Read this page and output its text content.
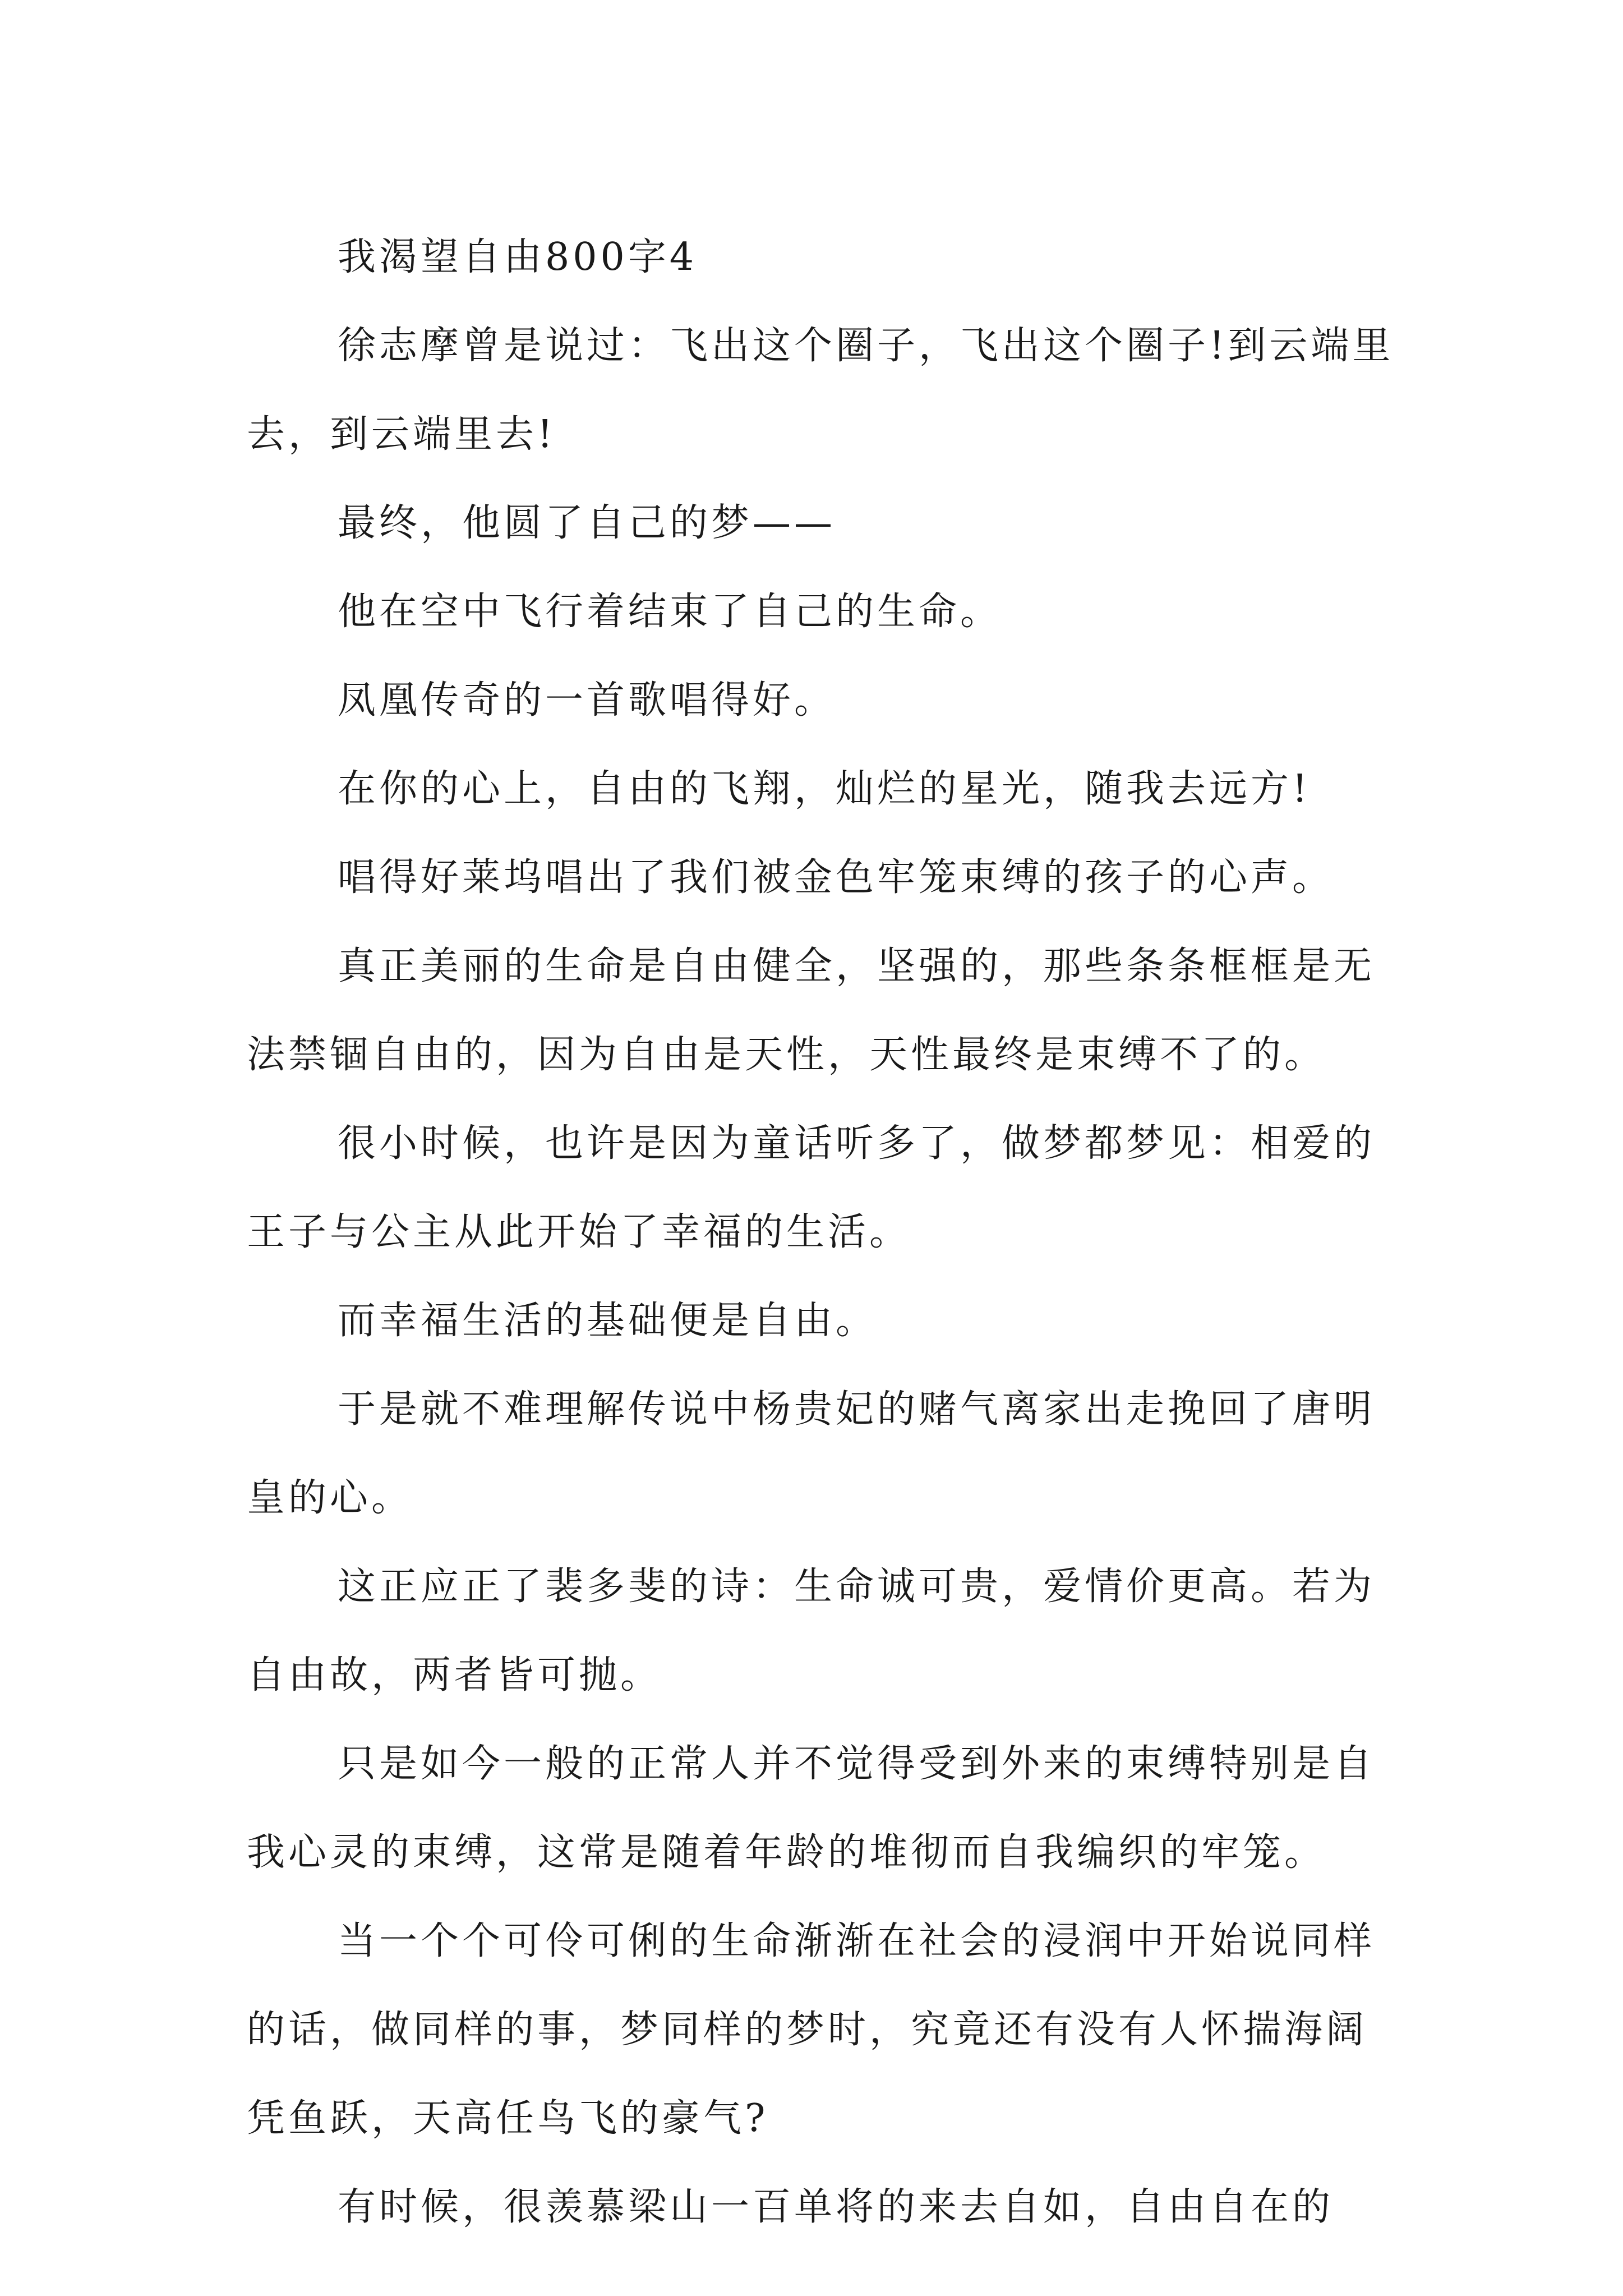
我渴望自由800字4

徐志摩曾是说过：飞出这个圈子，飞出这个圈子!到云端里去，到云端里去!

最终，他圆了自己的梦——

他在空中飞行着结束了自己的生命。

凤凰传奇的一首歌唱得好。

在你的心上，自由的飞翔，灿烂的星光，随我去远方!

唱得好莱坞唱出了我们被金色牢笼束缚的孩子的心声。

真正美丽的生命是自由健全，坚强的，那些条条框框是无法禁锢自由的，因为自由是天性，天性最终是束缚不了的。

很小时候，也许是因为童话听多了，做梦都梦见：相爱的王子与公主从此开始了幸福的生活。

而幸福生活的基础便是自由。

于是就不难理解传说中杨贵妃的赌气离家出走挽回了唐明皇的心。

这正应正了裴多斐的诗：生命诚可贵，爱情价更高。若为自由故，两者皆可抛。

只是如今一般的正常人并不觉得受到外来的束缚特别是自我心灵的束缚，这常是随着年龄的堆彻而自我编织的牢笼。

当一个个可伶可俐的生命渐渐在社会的浸润中开始说同样的话，做同样的事，梦同样的梦时，究竟还有没有人怀揣海阔凭鱼跃，天高任鸟飞的豪气?

有时候，很羡慕梁山一百单将的来去自如，自由自在的
